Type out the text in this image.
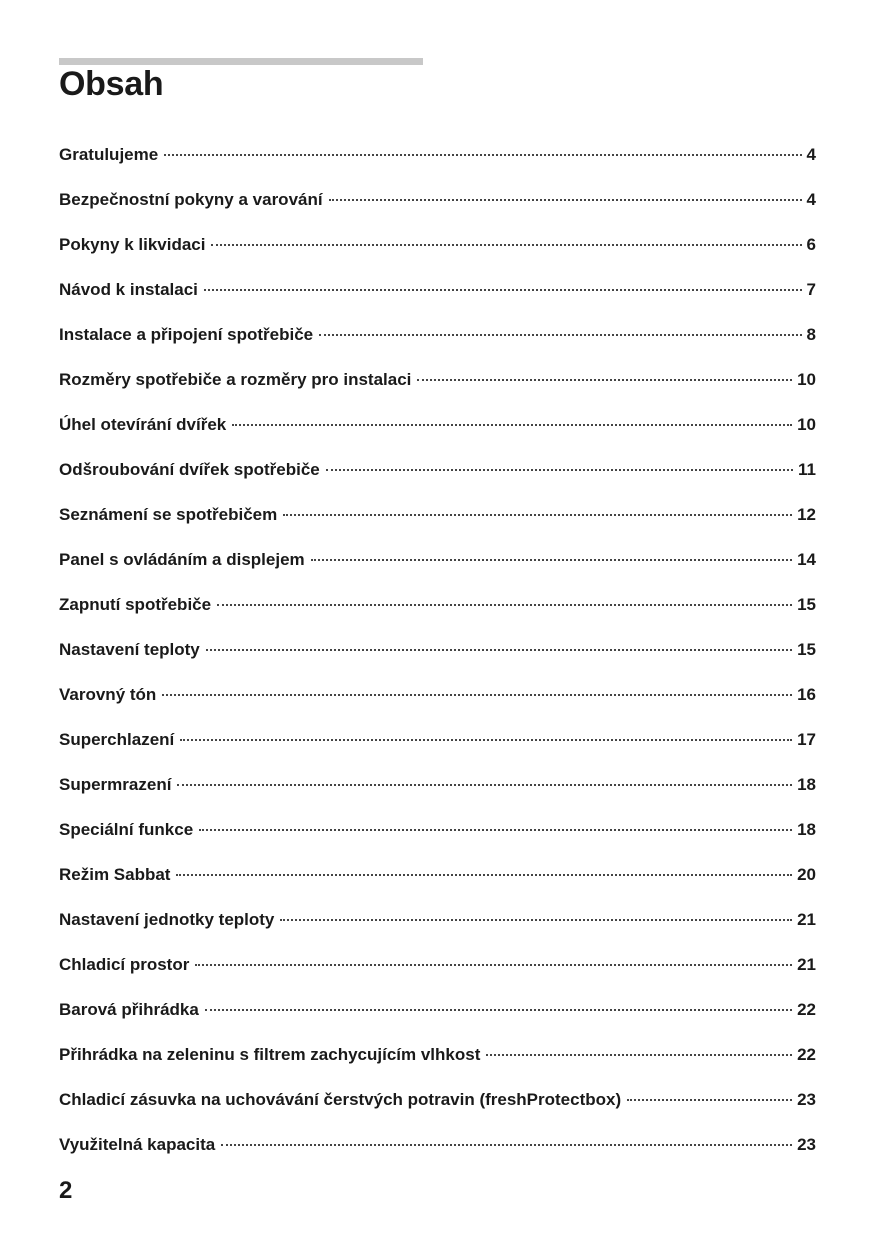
Obsah
Gratulujeme	4
Bezpečnostní pokyny a varování	4
Pokyny k likvidaci	6
Návod k instalaci	7
Instalace a připojení spotřebiče	8
Rozměry spotřebiče a rozměry pro instalaci	10
Úhel otevírání dvířek	10
Odšroubování dvířek spotřebiče	11
Seznámení se spotřebičem	12
Panel s ovládáním a displejem	14
Zapnutí spotřebiče	15
Nastavení teploty	15
Varovný tón	16
Superchlazení	17
Supermrazení	18
Speciální funkce	18
Režim Sabbat	20
Nastavení jednotky teploty	21
Chladicí prostor	21
Barová přihrádka	22
Přihrádka na zeleninu s filtrem zachycujícím vlhkost	22
Chladicí zásuvka na uchovávání čerstvých potravin (freshProtectbox)	23
Využitelná kapacita	23

2
